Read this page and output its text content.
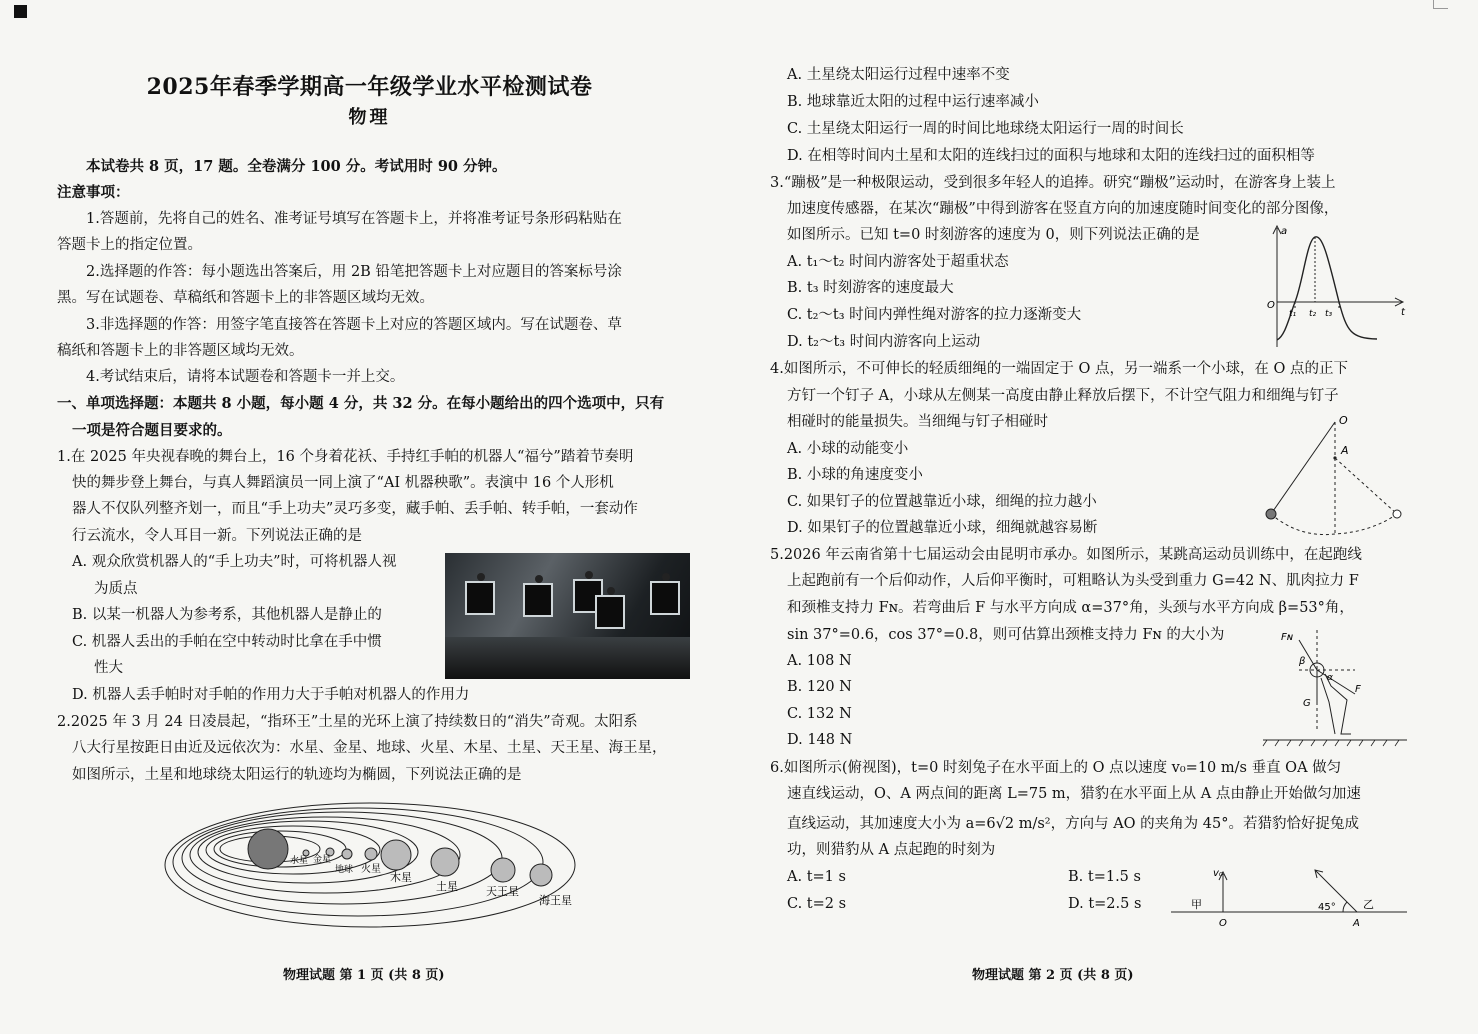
2025年春季学期高一年级学业水平检测试卷
物理
本试卷共 8 页，17 题。全卷满分 100 分。考试用时 90 分钟。
注意事项：
1.答题前，先将自己的姓名、准考证号填写在答题卡上，并将准考证号条形码粘贴在
答题卡上的指定位置。
2.选择题的作答：每小题选出答案后，用 2B 铅笔把答题卡上对应题目的答案标号涂
黑。写在试题卷、草稿纸和答题卡上的非答题区域均无效。
3.非选择题的作答：用签字笔直接答在答题卡上对应的答题区域内。写在试题卷、草
稿纸和答题卡上的非答题区域均无效。
4.考试结束后，请将本试题卷和答题卡一并上交。
一、单项选择题：本题共 8 小题，每小题 4 分，共 32 分。在每小题给出的四个选项中，只有
一项是符合题目要求的。
1.在 2025 年央视春晚的舞台上，16 个身着花袄、手持红手帕的机器人“福兮”踏着节奏明
快的舞步登上舞台，与真人舞蹈演员一同上演了“AI 机器秧歌”。表演中 16 个人形机
器人不仅队列整齐划一，而且“手上功夫”灵巧多变，藏手帕、丢手帕、转手帕，一套动作
行云流水，令人耳目一新。下列说法正确的是
A. 观众欣赏机器人的“手上功夫”时，可将机器人视
为质点
B. 以某一机器人为参考系，其他机器人是静止的
C. 机器人丢出的手帕在空中转动时比拿在手中惯
性大
D. 机器人丢手帕时对手帕的作用力大于手帕对机器人的作用力
2.2025 年 3 月 24 日凌晨起，“指环王”土星的光环上演了持续数日的“消失”奇观。太阳系
八大行星按距日由近及远依次为：水星、金星、地球、火星、木星、土星、天王星、海王星，
如图所示，土星和地球绕太阳运行的轨迹均为椭圆，下列说法正确的是
水星 金星
地球 火星
木星
土星	天王星
海王星
物理试题 第 1 页 (共 8 页)
A. 土星绕太阳运行过程中速率不变
B. 地球靠近太阳的过程中运行速率减小
C. 土星绕太阳运行一周的时间比地球绕太阳运行一周的时间长
D. 在相等时间内土星和太阳的连线扫过的面积与地球和太阳的连线扫过的面积相等
3.“蹦极”是一种极限运动，受到很多年轻人的追捧。研究“蹦极”运动时，在游客身上装上
加速度传感器，在某次“蹦极”中得到游客在竖直方向的加速度随时间变化的部分图像，
如图所示。已知 t=0 时刻游客的速度为 0，则下列说法正确的是
A. t₁～t₂ 时间内游客处于超重状态
B. t₃ 时刻游客的速度最大
C. t₂～t₃ 时间内弹性绳对游客的拉力逐渐变大
D. t₂～t₃ 时间内游客向上运动
a
t
O
t₁ t₂ t₃
4.如图所示，不可伸长的轻质细绳的一端固定于 O 点，另一端系一个小球，在 O 点的正下
方钉一个钉子 A，小球从左侧某一高度由静止释放后摆下，不计空气阻力和细绳与钉子
相碰时的能量损失。当细绳与钉子相碰时
A. 小球的动能变小
B. 小球的角速度变小
C. 如果钉子的位置越靠近小球，细绳的拉力越小
D. 如果钉子的位置越靠近小球，细绳就越容易断
O
A
5.2026 年云南省第十七届运动会由昆明市承办。如图所示，某跳高运动员训练中，在起跑线
上起跑前有一个后仰动作，人后仰平衡时，可粗略认为头受到重力 G=42 N、肌肉拉力 F
和颈椎支持力 Fɴ。若弯曲后 F 与水平方向成 α=37°角，头颈与水平方向成 β=53°角，
sin 37°=0.6，cos 37°=0.8，则可估算出颈椎支持力 Fɴ 的大小为
A. 108 N
B. 120 N
C. 132 N
D. 148 N
Fɴ
β
α
F
G
6.如图所示(俯视图)，t=0 时刻兔子在水平面上的 O 点以速度 v₀=10 m/s 垂直 OA 做匀
速直线运动，O、A 两点间的距离 L=75 m，猎豹在水平面上从 A 点由静止开始做匀加速
直线运动，其加速度大小为 a=6√2 m/s²，方向与 AO 的夹角为 45°。若猎豹恰好捉兔成
功，则猎豹从 A 点起跑的时刻为
A. t=1 s	B. t=1.5 s
C. t=2 s	D. t=2.5 s
v₀
甲
O
45° 乙
A
物理试题 第 2 页 (共 8 页)
